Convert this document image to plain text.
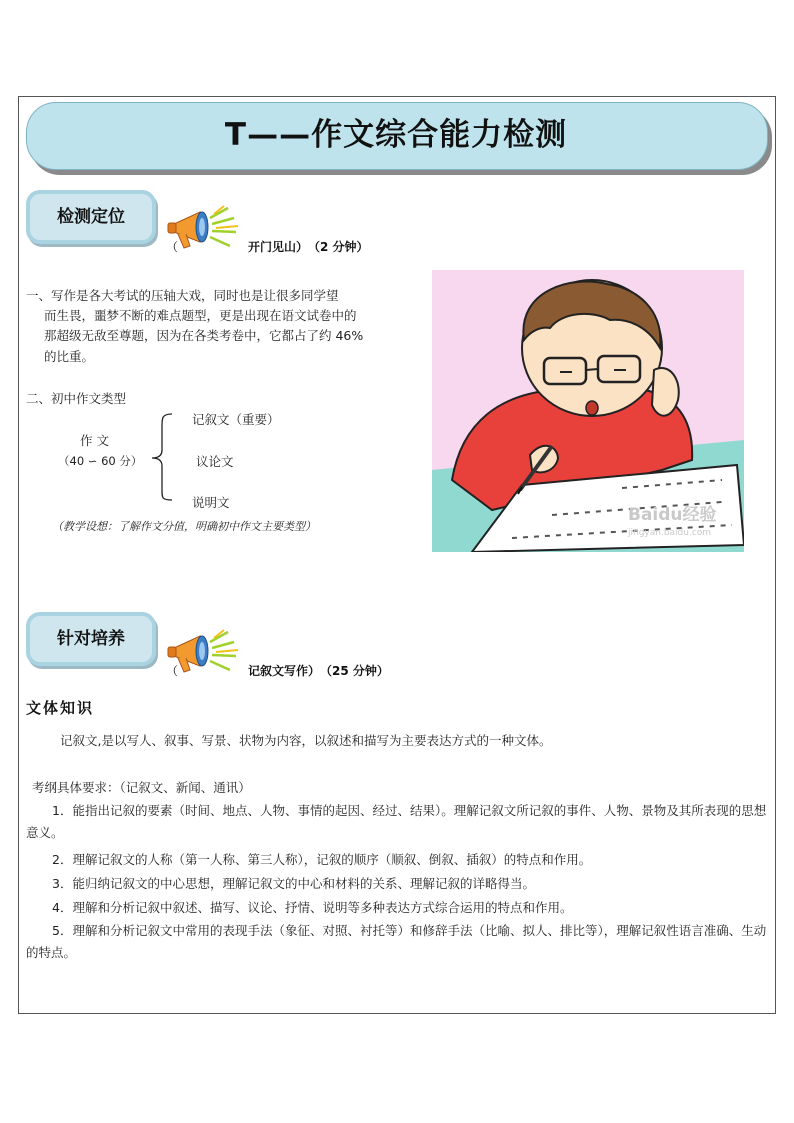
T——作文综合能力检测
检测定位
（	开门见山）　（2 分钟）
一、写作是各大考试的压轴大戏，同时也是让很多同学望
而生畏，噩梦不断的难点题型，更是出现在语文试卷中的
那超级无敌至尊题，因为在各类考卷中，它都占了约 46%
的比重。
二、初中作文类型
作 文
（40 ∽ 60 分）
记叙文（重要）
议论文
说明文
（教学设想：了解作文分值，明确初中作文主要类型）
Baidu经验
jingyan.baidu.com
针对培养
（	记叙文写作）　（25 分钟）
文体知识
记叙文,是以写人、叙事、写景、状物为内容，以叙述和描写为主要表达方式的一种文体。
考纲具体要求：（记叙文、新闻、通讯）
1．能指出记叙的要素（时间、地点、人物、事情的起因、经过、结果）。理解记叙文所记叙的事件、人物、景物及其所表现的思想意义。
2．理解记叙文的人称（第一人称、第三人称），记叙的顺序（顺叙、倒叙、插叙）的特点和作用。
3．能归纳记叙文的中心思想，理解记叙文的中心和材料的关系、理解记叙的详略得当。
4．理解和分析记叙中叙述、描写、议论、抒情、说明等多种表达方式综合运用的特点和作用。
5．理解和分析记叙文中常用的表现手法（象征、对照、衬托等）和修辞手法（比喻、拟人、排比等），理解记叙性语言准确、生动的特点。
